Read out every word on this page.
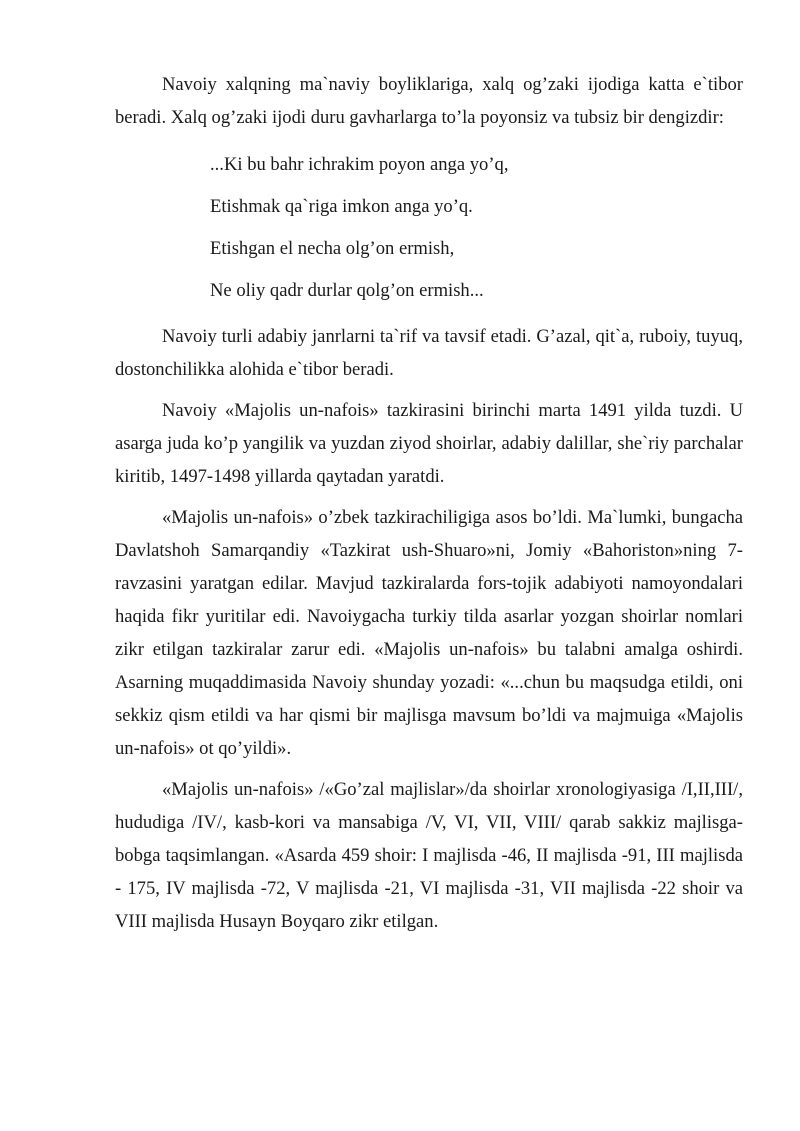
Navoiy xalqning ma`naviy boyliklariga, xalq og’zaki ijodiga katta e`tibor beradi. Xalq og’zaki ijodi duru gavharlarga to’la poyonsiz va tubsiz bir dengizdir:

...Ki bu bahr ichrakim poyon anga yo’q,
Etishmak qa`riga imkon anga yo’q.
Etishgan el necha olg’on ermish,
Ne oliy qadr durlar qolg’on ermish...

Navoiy turli adabiy janrlarni ta`rif va tavsif etadi. G’azal, qit`a, ruboiy, tuyuq, dostonchilikka alohida e`tibor beradi.

Navoiy «Majolis un-nafois» tazkirasini birinchi marta 1491 yilda tuzdi. U asarga juda ko’p yangilik va yuzdan ziyod shoirlar, adabiy dalillar, she`riy parchalar kiritib, 1497-1498 yillarda qaytadan yaratdi.

«Majolis un-nafois» o’zbek tazkirachiligiga asos bo’ldi. Ma`lumki, bungacha Davlatshoh Samarqandiy «Tazkirat ush-Shuaro»ni, Jomiy «Bahoriston»ning 7-ravzasini yaratgan edilar. Mavjud tazkiralarda fors-tojik adabiyoti namoyondalari haqida fikr yuritilar edi. Navoiygacha turkiy tilda asarlar yozgan shoirlar nomlari zikr etilgan tazkiralar zarur edi. «Majolis un-nafois» bu talabni amalga oshirdi. Asarning muqaddimasida Navoiy shunday yozadi: «...chun bu maqsudga etildi, oni sekkiz qism etildi va har qismi bir majlisga mavsum bo’ldi va majmuiga «Majolis un-nafois» ot qo’yildi».

«Majolis un-nafois» /«Go’zal majlislar»/da shoirlar xronologiyasiga /I,II,III/, hududiga /IV/, kasb-kori va mansabiga /V, VI, VII, VIII/ qarab sakkiz majlisga-bobga taqsimlangan. «Asarda 459 shoir: I majlisda -46, II majlisda -91, III majlisda - 175, IV majlisda -72, V majlisda -21, VI majlisda -31, VII majlisda -22 shoir va VIII majlisda Husayn Boyqaro zikr etilgan.
